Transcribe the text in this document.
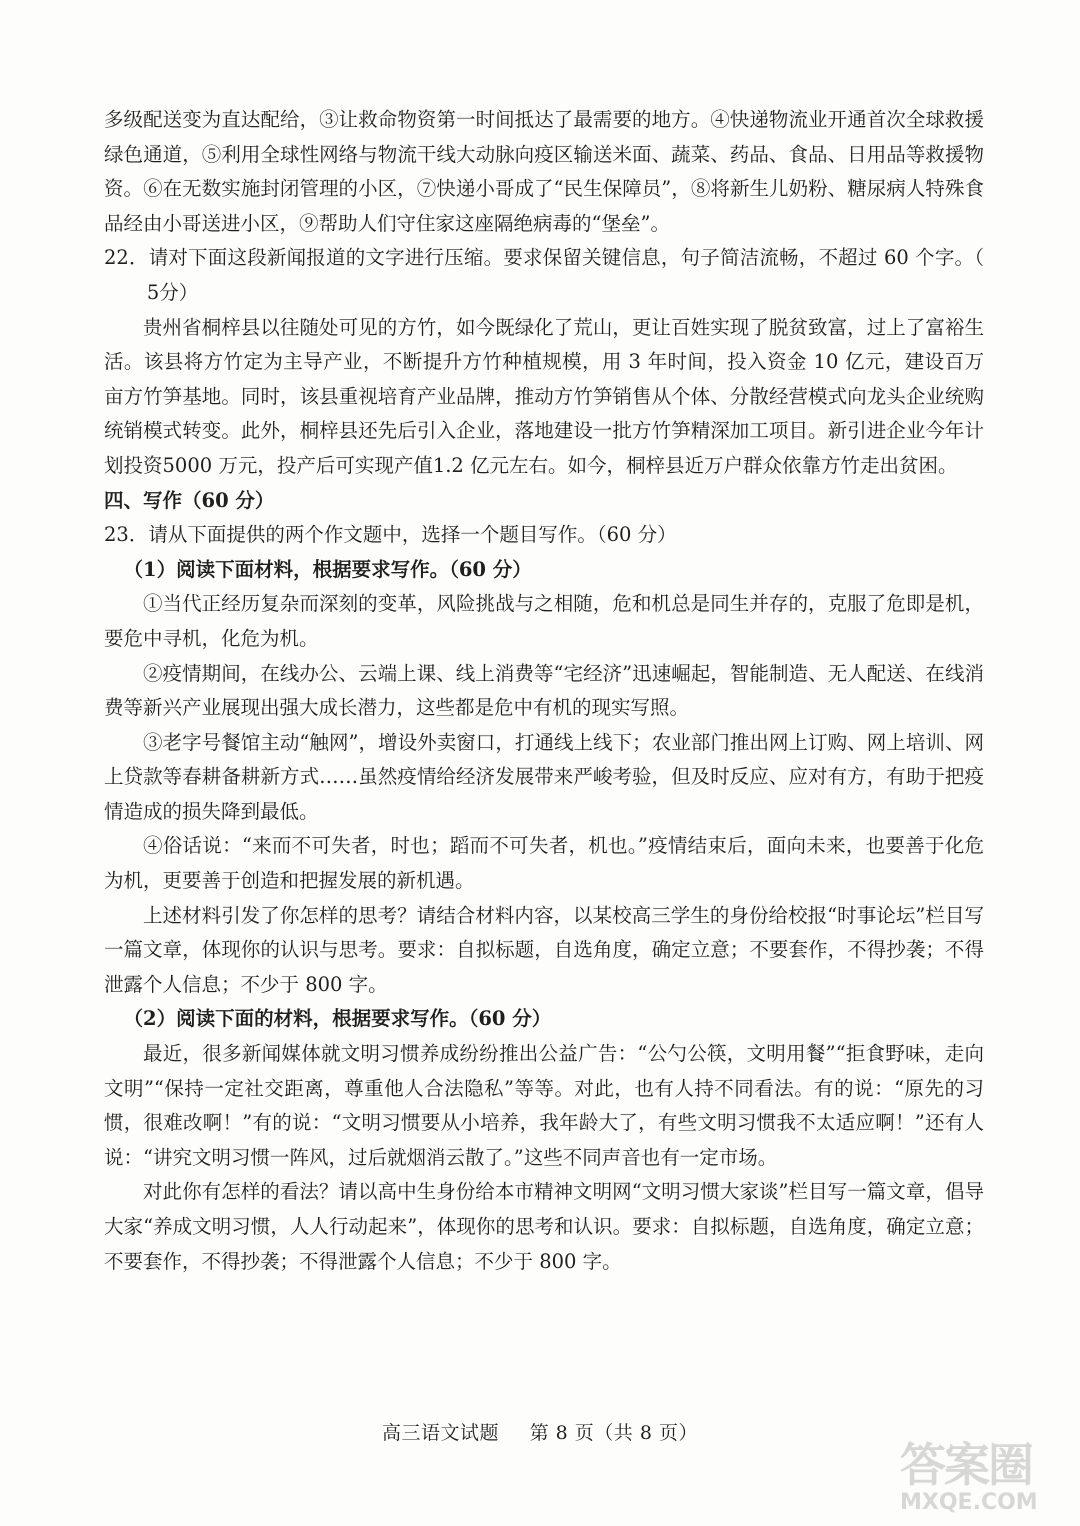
多级配送变为直达配给，③让救命物资第一时间抵达了最需要的地方。④快递物流业开通首次全球救援绿色通道，⑤利用全球性网络与物流干线大动脉向疫区输送米面、蔬菜、药品、食品、日用品等救援物资。⑥在无数实施封闭管理的小区，⑦快递小哥成了“民生保障员”，⑧将新生儿奶粉、糖尿病人特殊食品经由小哥送进小区，⑨帮助人们守住家这座隔绝病毒的“堡垒”。

22．请对下面这段新闻报道的文字进行压缩。要求保留关键信息，句子简洁流畅，不超过 60 个字。（ 5分）

贵州省桐梓县以往随处可见的方竹，如今既绿化了荒山，更让百姓实现了脱贫致富，过上了富裕生活。该县将方竹定为主导产业，不断提升方竹种植规模，用 3 年时间，投入资金 10 亿元，建设百万亩方竹笋基地。同时，该县重视培育产业品牌，推动方竹笋销售从个体、分散经营模式向龙头企业统购统销模式转变。此外，桐梓县还先后引入企业，落地建设一批方竹笋精深加工项目。新引进企业今年计划投资5000 万元，投产后可实现产值1.2 亿元左右。如今，桐梓县近万户群众依靠方竹走出贫困。

四、写作（60 分）

23．请从下面提供的两个作文题中，选择一个题目写作。（60 分）

（1）阅读下面材料，根据要求写作。（60 分）

①当代正经历复杂而深刻的变革，风险挑战与之相随，危和机总是同生并存的，克服了危即是机，要危中寻机，化危为机。

②疫情期间，在线办公、云端上课、线上消费等“宅经济”迅速崛起，智能制造、无人配送、在线消费等新兴产业展现出强大成长潜力，这些都是危中有机的现实写照。

③老字号餐馆主动“触网”，增设外卖窗口，打通线上线下；农业部门推出网上订购、网上培训、网上贷款等春耕备耕新方式……虽然疫情给经济发展带来严峻考验，但及时反应、应对有方，有助于把疫情造成的损失降到最低。

④俗话说：“来而不可失者，时也；蹈而不可失者，机也。”疫情结束后，面向未来，也要善于化危为机，更要善于创造和把握发展的新机遇。

上述材料引发了你怎样的思考？请结合材料内容，以某校高三学生的身份给校报“时事论坛”栏目写一篇文章，体现你的认识与思考。要求：自拟标题，自选角度，确定立意；不要套作，不得抄袭；不得泄露个人信息；不少于 800 字。

（2）阅读下面的材料，根据要求写作。（60 分）

最近，很多新闻媒体就文明习惯养成纷纷推出公益广告：“公勺公筷，文明用餐”“拒食野味，走向文明”“保持一定社交距离，尊重他人合法隐私”等等。对此，也有人持不同看法。有的说：“原先的习惯，很难改啊！”有的说：“文明习惯要从小培养，我年龄大了，有些文明习惯我不太适应啊！”还有人说：“讲究文明习惯一阵风，过后就烟消云散了。”这些不同声音也有一定市场。

对此你有怎样的看法？请以高中生身份给本市精神文明网“文明习惯大家谈”栏目写一篇文章，倡导大家“养成文明习惯，人人行动起来”，体现你的思考和认识。要求：自拟标题，自选角度，确定立意；不要套作，不得抄袭；不得泄露个人信息；不少于 800 字。

高三语文试题 第 8 页（共 8 页）
答案圈
MXQE.COM
